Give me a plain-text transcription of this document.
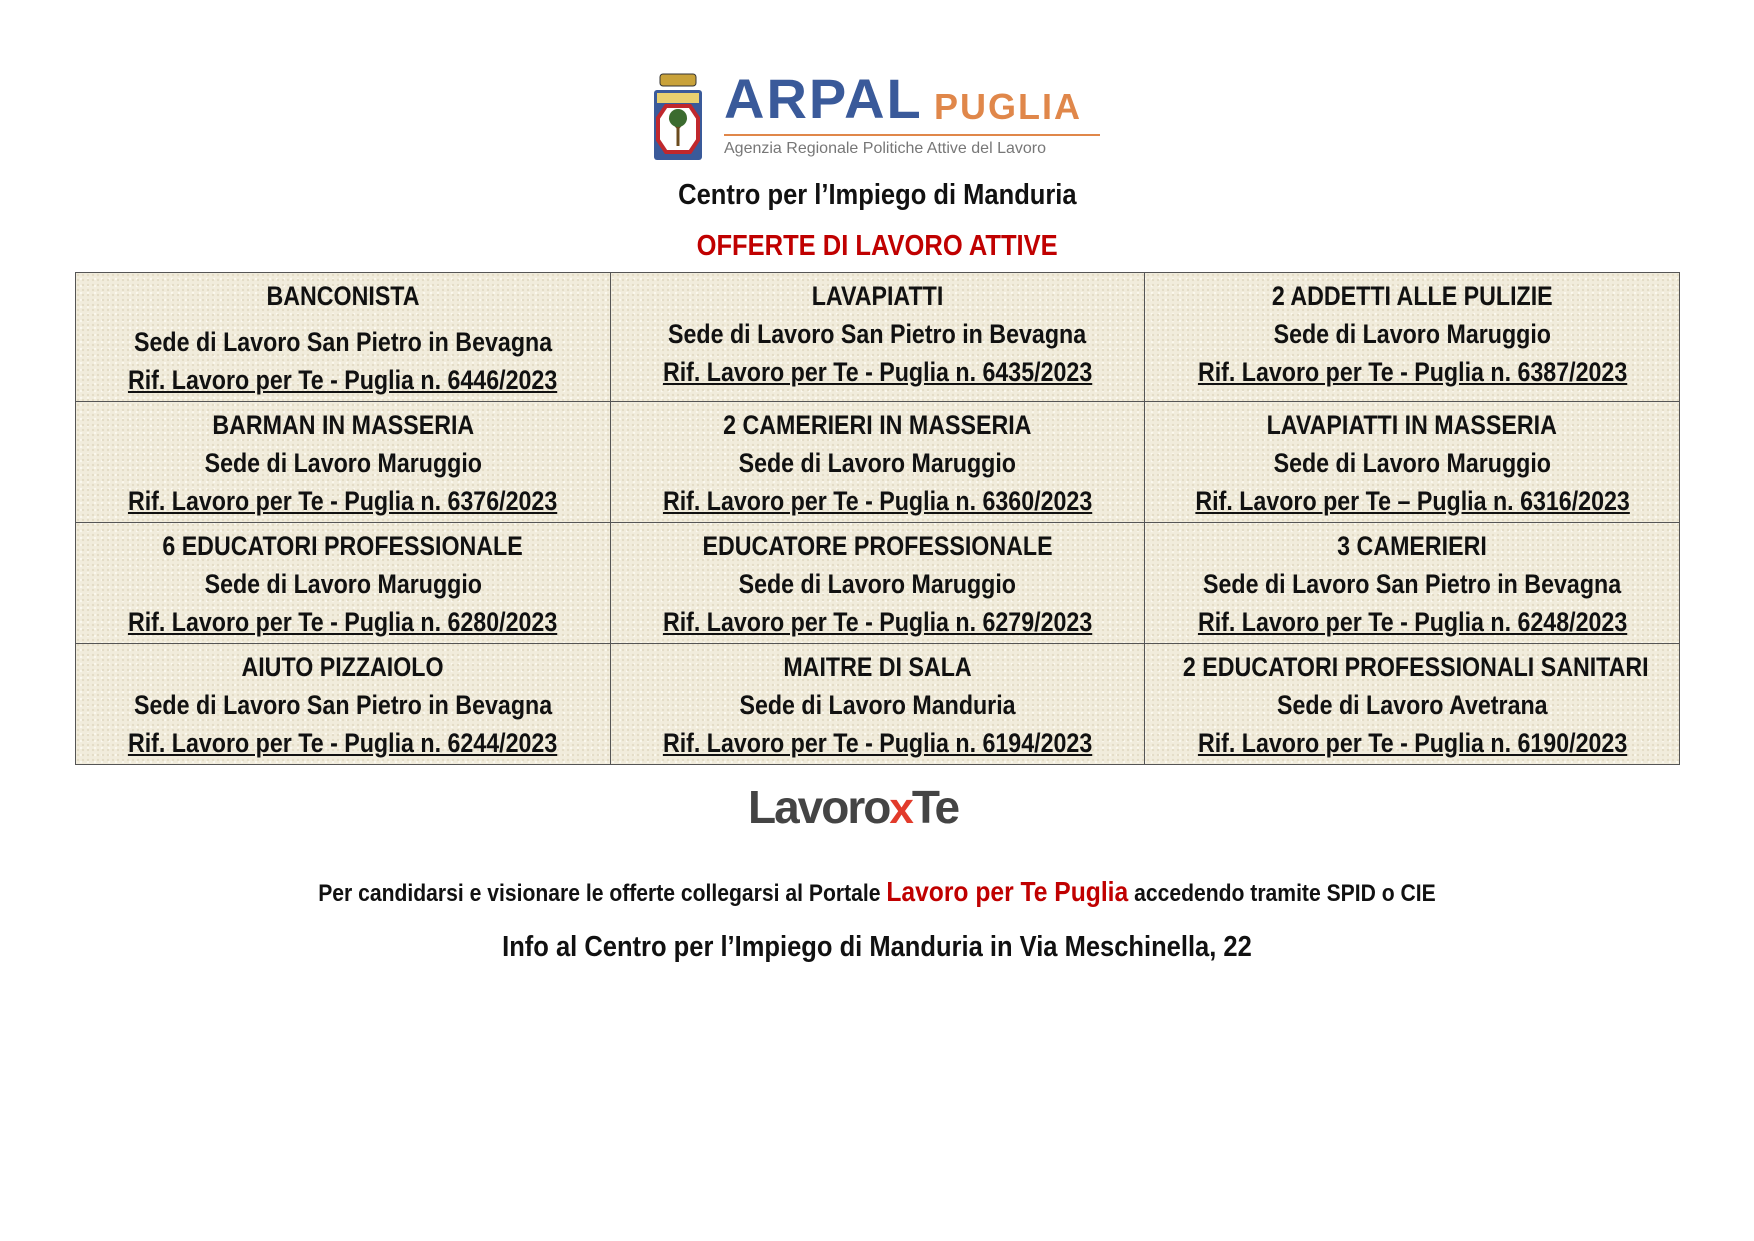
ARPAL PUGLIA
Agenzia Regionale Politiche Attive del Lavoro
Centro per l’Impiego di Manduria
OFFERTE DI LAVORO ATTIVE
BANCONISTA
Sede di Lavoro San Pietro in Bevagna
Rif. Lavoro per Te - Puglia n. 6446/2023	LAVAPIATTI
Sede di Lavoro San Pietro in Bevagna
Rif. Lavoro per Te - Puglia n. 6435/2023	2 ADDETTI ALLE PULIZIE
Sede di Lavoro Maruggio
Rif. Lavoro per Te - Puglia n. 6387/2023

BARMAN IN MASSERIA
Sede di Lavoro Maruggio
Rif. Lavoro per Te - Puglia n. 6376/2023	2 CAMERIERI IN MASSERIA
Sede di Lavoro Maruggio
Rif. Lavoro per Te - Puglia n. 6360/2023	LAVAPIATTI IN MASSERIA
Sede di Lavoro Maruggio
Rif. Lavoro per Te – Puglia n. 6316/2023

6 EDUCATORI PROFESSIONALE
Sede di Lavoro Maruggio
Rif. Lavoro per Te - Puglia n. 6280/2023	EDUCATORE PROFESSIONALE
Sede di Lavoro Maruggio
Rif. Lavoro per Te - Puglia n. 6279/2023	3 CAMERIERI
Sede di Lavoro San Pietro in Bevagna
Rif. Lavoro per Te - Puglia n. 6248/2023

AIUTO PIZZAIOLO
Sede di Lavoro San Pietro in Bevagna
Rif. Lavoro per Te - Puglia n. 6244/2023	MAITRE DI SALA
Sede di Lavoro Manduria
Rif. Lavoro per Te - Puglia n. 6194/2023	2 EDUCATORI PROFESSIONALI SANITARI
Sede di Lavoro Avetrana
Rif. Lavoro per Te - Puglia n. 6190/2023
LavoroxTe
Per candidarsi e visionare le offerte collegarsi al Portale Lavoro per Te Puglia accedendo tramite SPID o CIE
Info al Centro per l’Impiego di Manduria in Via Meschinella, 22
